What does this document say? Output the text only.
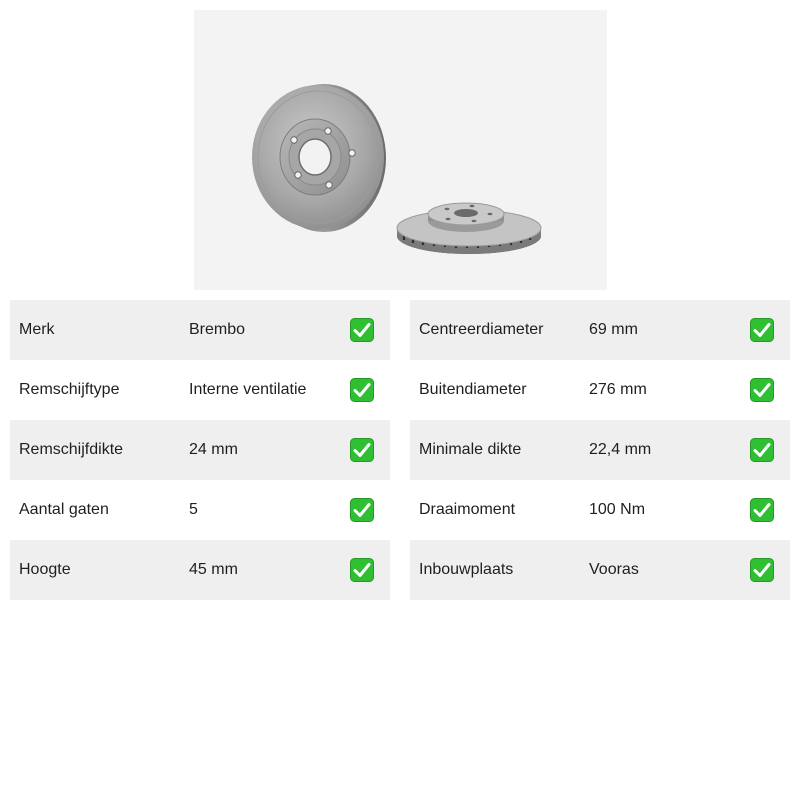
Merk	Brembo
Remschijftype	Interne ventilatie
Remschijfdikte	24 mm
Aantal gaten	5
Hoogte	45 mm
Centreerdiameter	69 mm
Buitendiameter	276 mm
Minimale dikte	22,4 mm
Draaimoment	100 Nm
Inbouwplaats	Vooras
